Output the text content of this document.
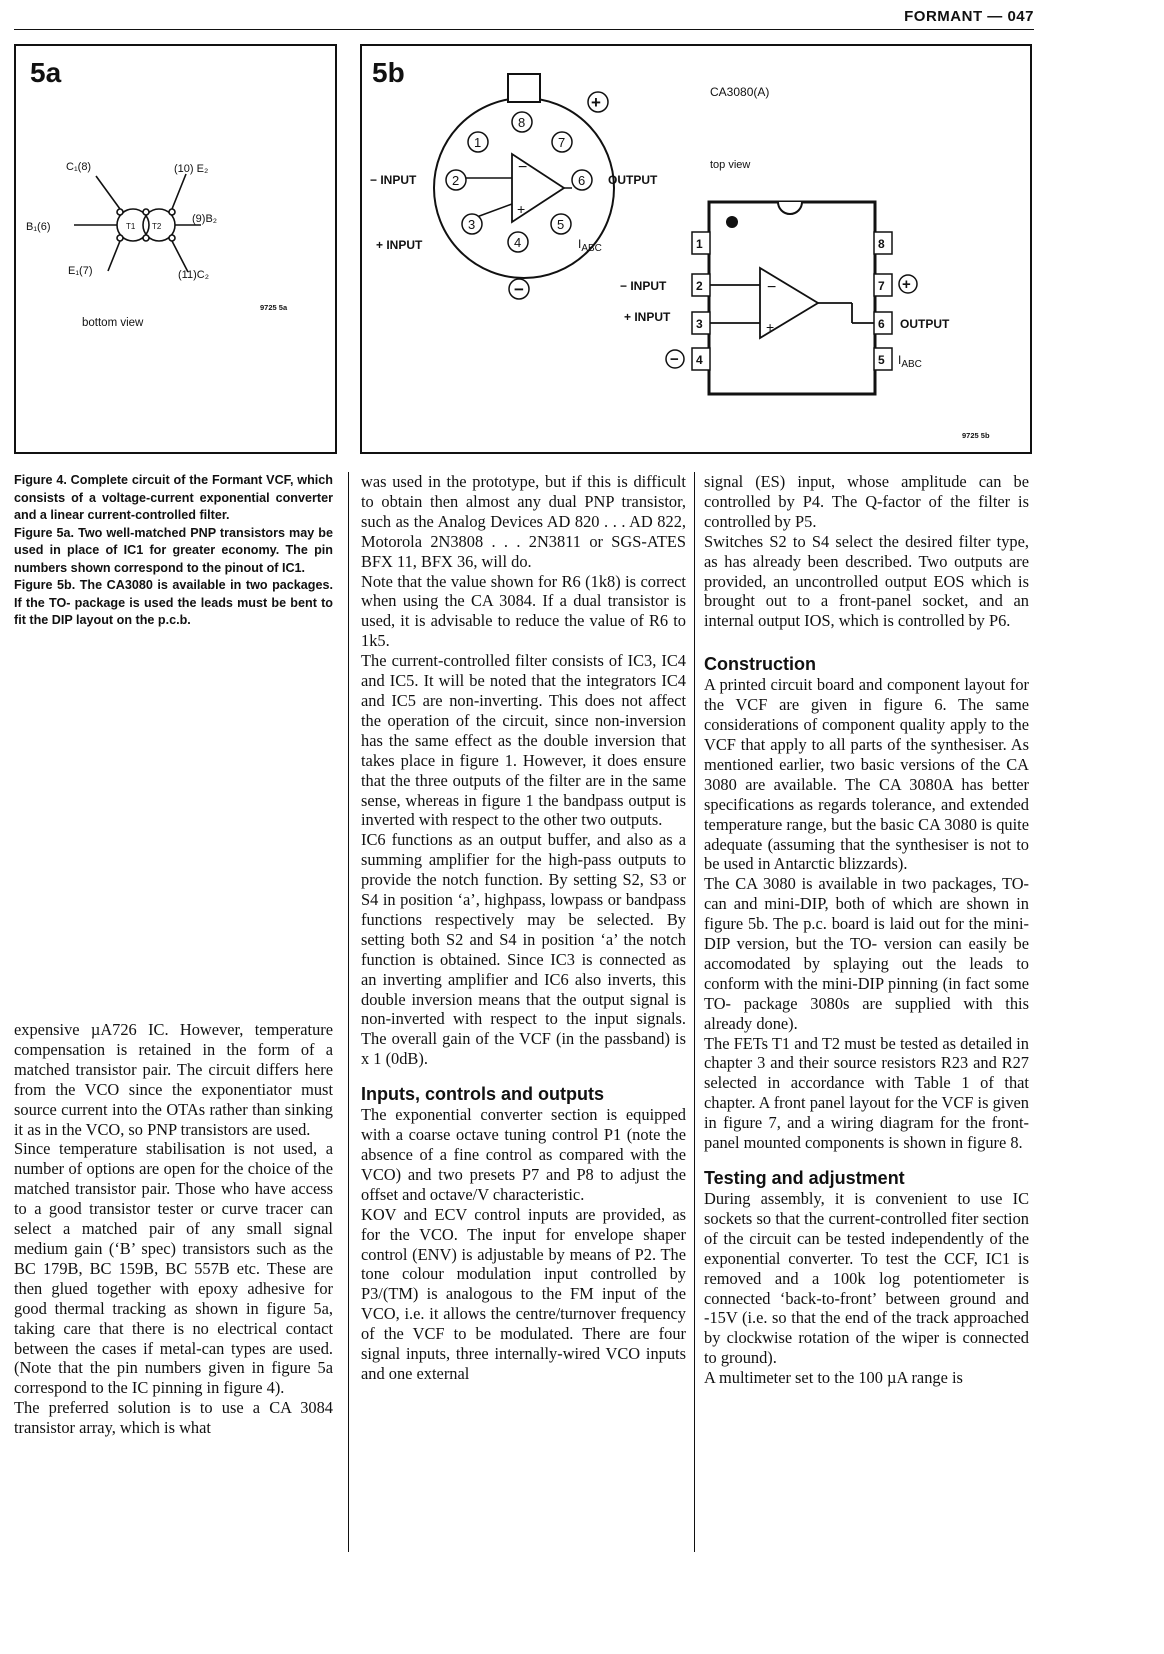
FORMANT — 047
5a
T1 T2
C₁(8)	(10) E₂
B₁(6)
(9)B₂
E₁(7)	(11)C₂
bottom view
9725 5a
5b
CA3080(A)
top view
−
+
1
2
3
4
5
6
7
8
+
−
− INPUT
+ INPUT
OUTPUT
$I_{ABC}$
−
+
1
2
3
4	5
6
7
8
+
−
− INPUT
+ INPUT	OUTPUT
$I_{ABC}$
9725 5b

Figure 4. Complete circuit of the Formant VCF, which consists of a voltage-current exponential converter and a linear current-controlled filter.

Figure 5a. Two well-matched PNP transistors may be used in place of IC1 for greater economy. The pin numbers shown correspond to the pinout of IC1.

Figure 5b. The CA3080 is available in two packages. If the TO- package is used the leads must be bent to fit the DIP layout on the p.c.b.

expensive µA726 IC. However, temperature compensation is retained in the form of a matched transistor pair. The circuit differs here from the VCO since the exponentiator must source current into the OTAs rather than sinking it as in the VCO, so PNP transistors are used.

Since temperature stabilisation is not used, a number of options are open for the choice of the matched transistor pair. Those who have access to a good transistor tester or curve tracer can select a matched pair of any small signal medium gain (‘B’ spec) transistors such as the BC 179B, BC 159B, BC 557B etc. These are then glued together with epoxy adhesive for good thermal tracking as shown in figure 5a, taking care that there is no electrical contact between the cases if metal-can types are used. (Note that the pin numbers given in figure 5a correspond to the IC pinning in figure 4).

The preferred solution is to use a CA 3084 transistor array, which is what

was used in the prototype, but if this is difficult to obtain then almost any dual PNP transistor, such as the Analog Devices AD 820 . . . AD 822, Motorola 2N3808 . . . 2N3811 or SGS-ATES BFX 11, BFX 36, will do.

Note that the value shown for R6 (1k8) is correct when using the CA 3084. If a dual transistor is used, it is advisable to reduce the value of R6 to 1k5.

The current-controlled filter consists of IC3, IC4 and IC5. It will be noted that the integrators IC4 and IC5 are non-inverting. This does not affect the operation of the circuit, since non-inversion has the same effect as the double inversion that takes place in figure 1. However, it does ensure that the three outputs of the filter are in the same sense, whereas in figure 1 the bandpass output is inverted with respect to the other two outputs.

IC6 functions as an output buffer, and also as a summing amplifier for the high-pass outputs to provide the notch function. By setting S2, S3 or S4 in position ‘a’, highpass, lowpass or bandpass functions respectively may be selected. By setting both S2 and S4 in position ‘a’ the notch function is obtained. Since IC3 is connected as an inverting amplifier and IC6 also inverts, this double inversion means that the output signal is non-inverted with respect to the input signals. The overall gain of the VCF (in the passband) is x 1 (0dB).

Inputs, controls and outputs

The exponential converter section is equipped with a coarse octave tuning control P1 (note the absence of a fine control as compared with the VCO) and two presets P7 and P8 to adjust the offset and octave/V characteristic.

KOV and ECV control inputs are provided, as for the VCO. The input for envelope shaper control (ENV) is adjustable by means of P2. The tone colour modulation input controlled by P3/(TM) is analogous to the FM input of the VCO, i.e. it allows the centre/turnover frequency of the VCF to be modulated. There are four signal inputs, three internally-wired VCO inputs and one external

signal (ES) input, whose amplitude can be controlled by P4. The Q-factor of the filter is controlled by P5.

Switches S2 to S4 select the desired filter type, as has already been described. Two outputs are provided, an uncontrolled output EOS which is brought out to a front-panel socket, and an internal output IOS, which is controlled by P6.

Construction

A printed circuit board and component layout for the VCF are given in figure 6. The same considerations of component quality apply to the VCF that apply to all parts of the synthesiser. As mentioned earlier, two basic versions of the CA 3080 are available. The CA 3080A has better specifications as regards tolerance, and extended temperature range, but the basic CA 3080 is quite adequate (assuming that the synthesiser is not to be used in Antarctic blizzards).

The CA 3080 is available in two packages, TO- can and mini-DIP, both of which are shown in figure 5b. The p.c. board is laid out for the mini-DIP version, but the TO- version can easily be accomodated by splaying out the leads to conform with the mini-DIP pinning (in fact some TO- package 3080s are supplied with this already done).

The FETs T1 and T2 must be tested as detailed in chapter 3 and their source resistors R23 and R27 selected in accordance with Table 1 of that chapter. A front panel layout for the VCF is given in figure 7, and a wiring diagram for the front-panel mounted components is shown in figure 8.

Testing and adjustment

During assembly, it is convenient to use IC sockets so that the current-controlled fiter section of the circuit can be tested independently of the exponential converter. To test the CCF, IC1 is removed and a 100k log potentiometer is connected ‘back-to-front’ between ground and -15V (i.e. so that the end of the track approached by clockwise rotation of the wiper is connected to ground).

A multimeter set to the 100 µA range is
